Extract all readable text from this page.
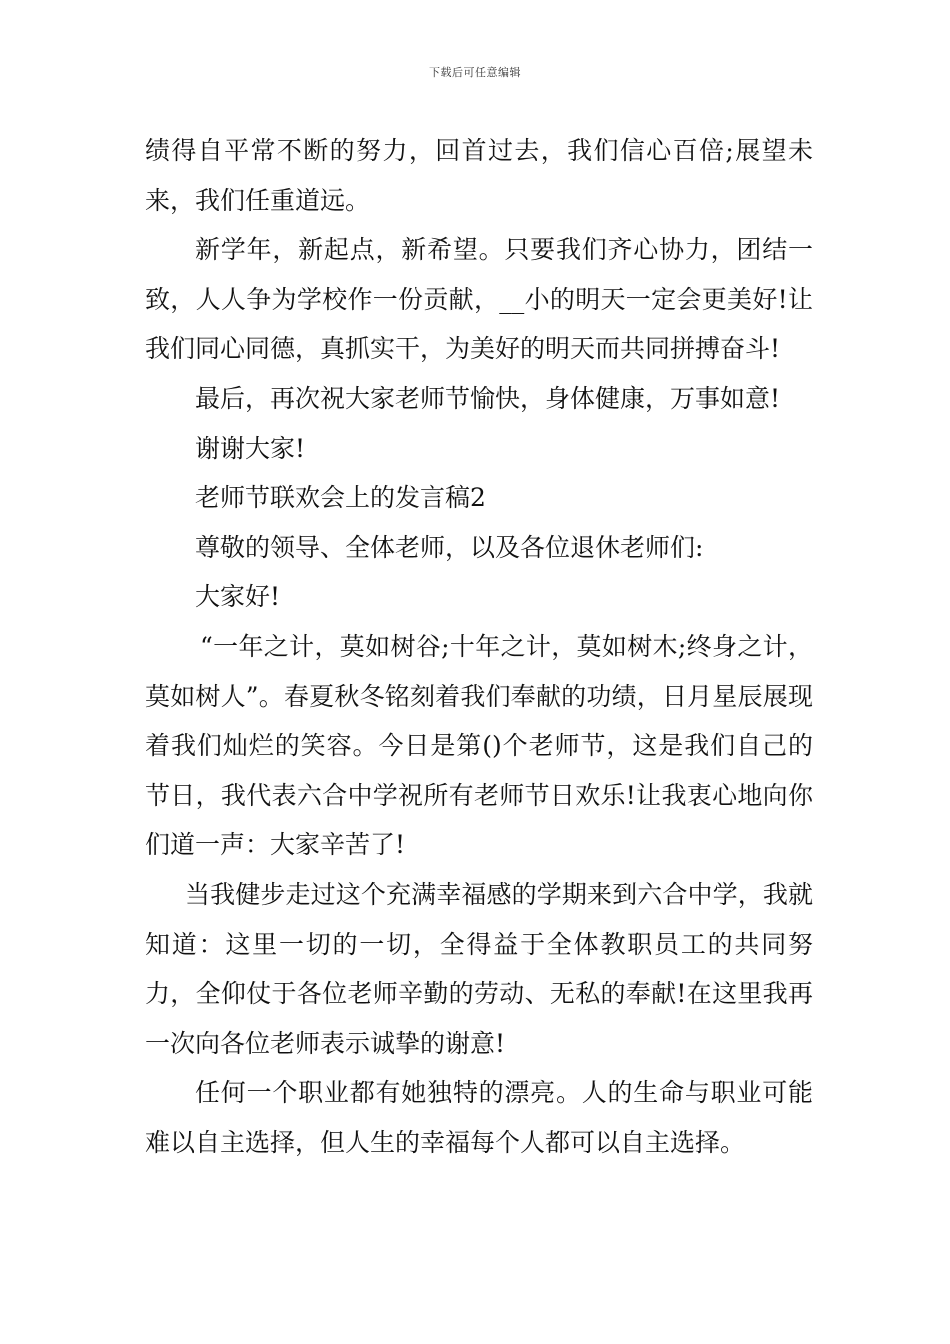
下载后可任意编辑

绩得自平常不断的努力，回首过去，我们信心百倍;展望未来，我们任重道远。

新学年，新起点，新希望。只要我们齐心协力，团结一致，人人争为学校作一份贡献，__小的明天一定会更美好!让我们同心同德，真抓实干，为美好的明天而共同拼搏奋斗!

最后，再次祝大家老师节愉快，身体健康，万事如意!

谢谢大家!

老师节联欢会上的发言稿2

尊敬的领导、全体老师，以及各位退休老师们:

大家好!

“一年之计，莫如树谷;十年之计，莫如树木;终身之计，莫如树人”。春夏秋冬铭刻着我们奉献的功绩，日月星辰展现着我们灿烂的笑容。今日是第()个老师节，这是我们自己的节日，我代表六合中学祝所有老师节日欢乐!让我衷心地向你们道一声：大家辛苦了!

当我健步走过这个充满幸福感的学期来到六合中学，我就知道：这里一切的一切，全得益于全体教职员工的共同努力，全仰仗于各位老师辛勤的劳动、无私的奉献!在这里我再一次向各位老师表示诚挚的谢意!

任何一个职业都有她独特的漂亮。人的生命与职业可能难以自主选择，但人生的幸福每个人都可以自主选择。
